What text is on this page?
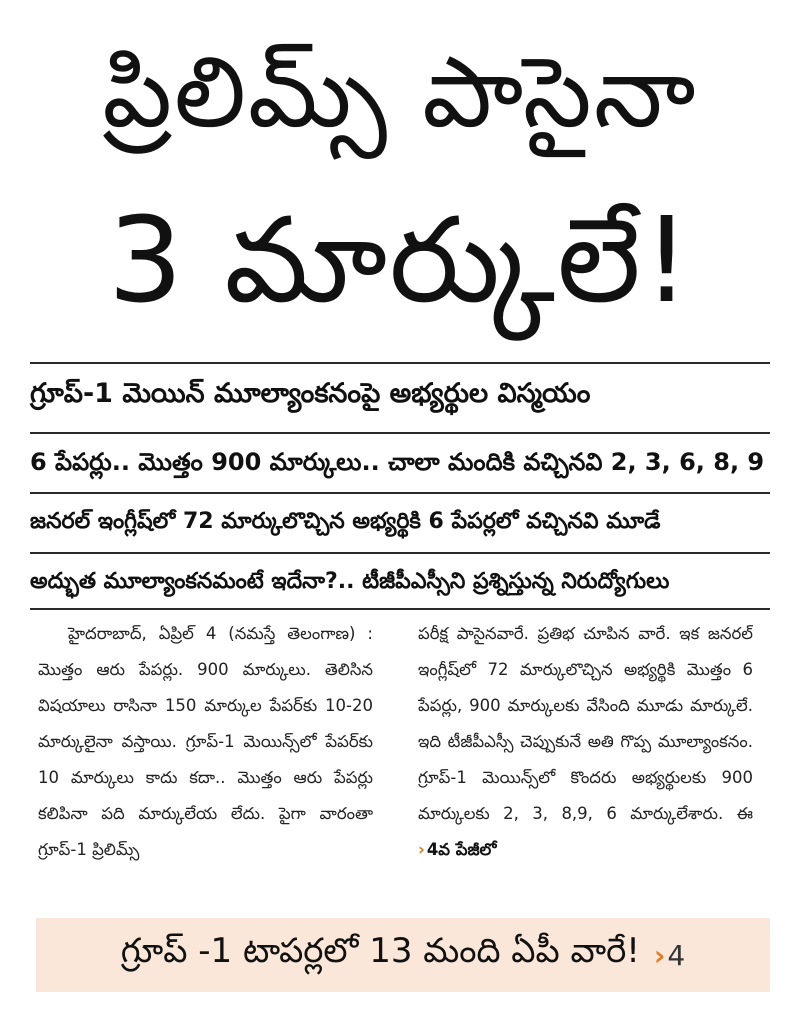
ప్రిలిమ్స్ పాసైనా
3 మార్కులే!
గ్రూప్-1 మెయిన్ మూల్యాంకనంపై అభ్యర్థుల విస్మయం
6 పేపర్లు.. మొత్తం 900 మార్కులు.. చాలా మందికి వచ్చినవి 2, 3, 6, 8, 9
జనరల్ ఇంగ్లీష్‌లో 72 మార్కులొచ్చిన అభ్యర్థికి 6 పేపర్లలో వచ్చినవి మూడే
అద్భుత మూల్యాంకనమంటే ఇదేనా?.. టీజీపీఎస్సీని ప్రశ్నిస్తున్న నిరుద్యోగులు
హైదరాబాద్, ఏప్రిల్ 4 (నమస్తే తెలంగాణ) : మొత్తం ఆరు పేపర్లు. 900 మార్కులు. తెలిసిన విషయాలు రాసినా 150 మార్కుల పేపర్‌కు 10-20 మార్కులైనా వస్తాయి. గ్రూప్-1 మెయిన్స్‌లో పేపర్‌కు 10 మార్కులు కాదు కదా.. మొత్తం ఆరు పేపర్లు కలిపినా పది మార్కులేయ లేదు. పైగా వారంతా గ్రూప్-1 ప్రిలిమ్స్
పరీక్ష పాసైనవారే. ప్రతిభ చూపిన వారే. ఇక జనరల్ ఇంగ్లీష్‌లో 72 మార్కులొచ్చిన అభ్యర్థికి మొత్తం 6 పేపర్లు, 900 మార్కులకు వేసింది మూడు మార్కులే. ఇది టీజీపీఎస్సీ చెప్పుకునే అతి గొప్ప మూల్యాంకనం. గ్రూప్-1 మెయిన్స్‌లో కొందరు అభ్యర్థులకు 900 మార్కులకు 2, 3, 8,9, 6 మార్కులేశారు. ఈ › 4వ పేజీలో
గ్రూప్ -1 టాపర్లలో 13 మంది ఏపీ వారే! ›4
